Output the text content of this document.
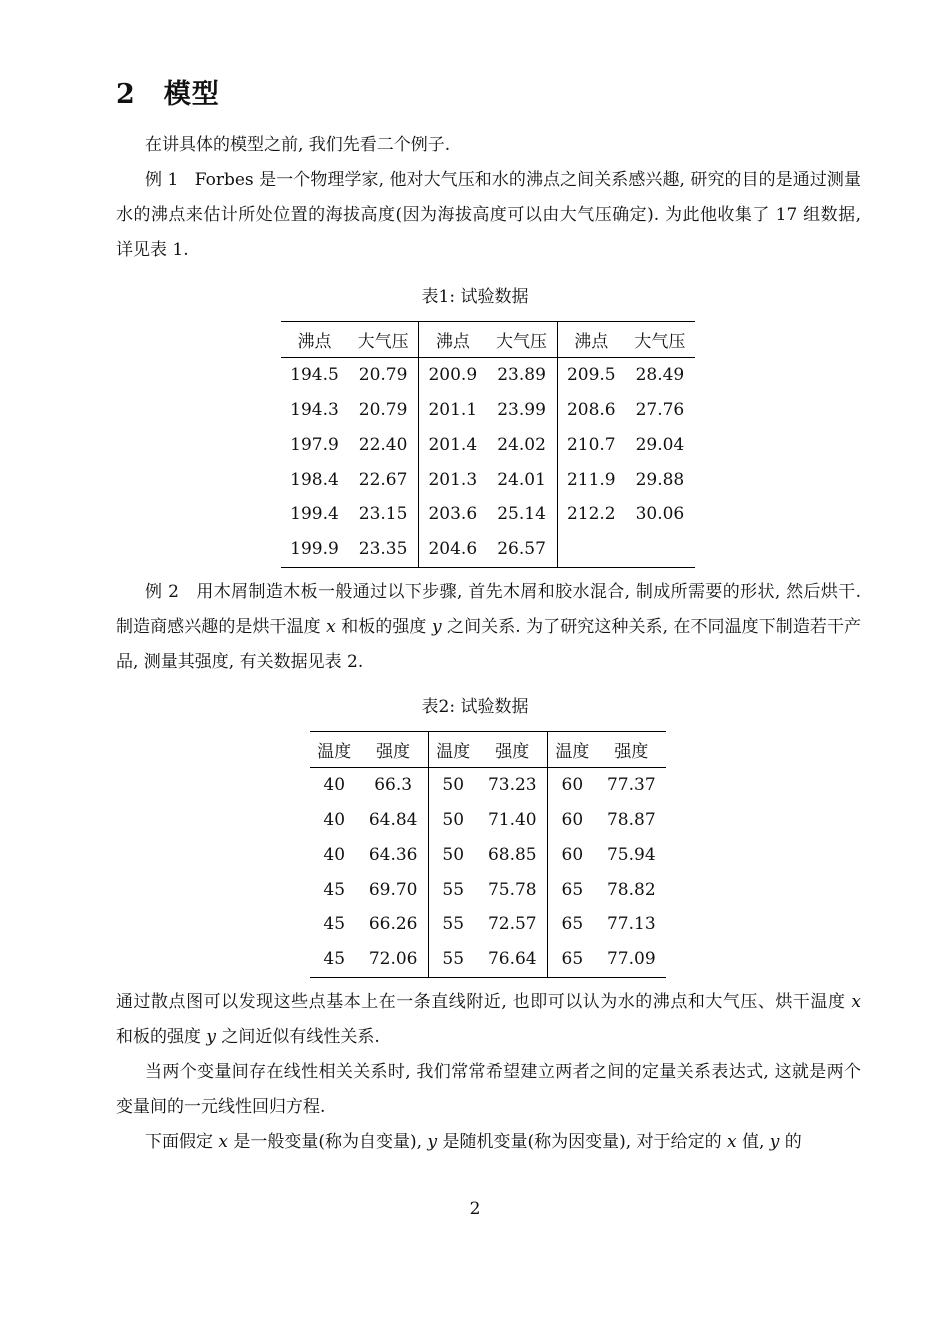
2 模型
在讲具体的模型之前, 我们先看二个例子.
例 1 Forbes 是一个物理学家, 他对大气压和水的沸点之间关系感兴趣, 研究的目的是通过测量水的沸点来估计所处位置的海拔高度(因为海拔高度可以由大气压确定). 为此他收集了 17 组数据, 详见表 1.
表1: 试验数据
沸点	大气压	沸点	大气压	沸点	大气压
194.5	20.79	200.9	23.89	209.5	28.49
194.3	20.79	201.1	23.99	208.6	27.76
197.9	22.40	201.4	24.02	210.7	29.04
198.4	22.67	201.3	24.01	211.9	29.88
199.4	23.15	203.6	25.14	212.2	30.06
199.9	23.35	204.6	26.57		
例 2 用木屑制造木板一般通过以下步骤, 首先木屑和胶水混合, 制成所需要的形状, 然后烘干. 制造商感兴趣的是烘干温度 x 和板的强度 y 之间关系. 为了研究这种关系, 在不同温度下制造若干产品, 测量其强度, 有关数据见表 2.
表2: 试验数据
温度	强度	温度	强度	温度	强度
40	66.3	50	73.23	60	77.37
40	64.84	50	71.40	60	78.87
40	64.36	50	68.85	60	75.94
45	69.70	55	75.78	65	78.82
45	66.26	55	72.57	65	77.13
45	72.06	55	76.64	65	77.09
通过散点图可以发现这些点基本上在一条直线附近, 也即可以认为水的沸点和大气压、烘干温度 x 和板的强度 y 之间近似有线性关系.
当两个变量间存在线性相关关系时, 我们常常希望建立两者之间的定量关系表达式, 这就是两个变量间的一元线性回归方程.
下面假定 x 是一般变量(称为自变量), y 是随机变量(称为因变量), 对于给定的 x 值, y 的
2
